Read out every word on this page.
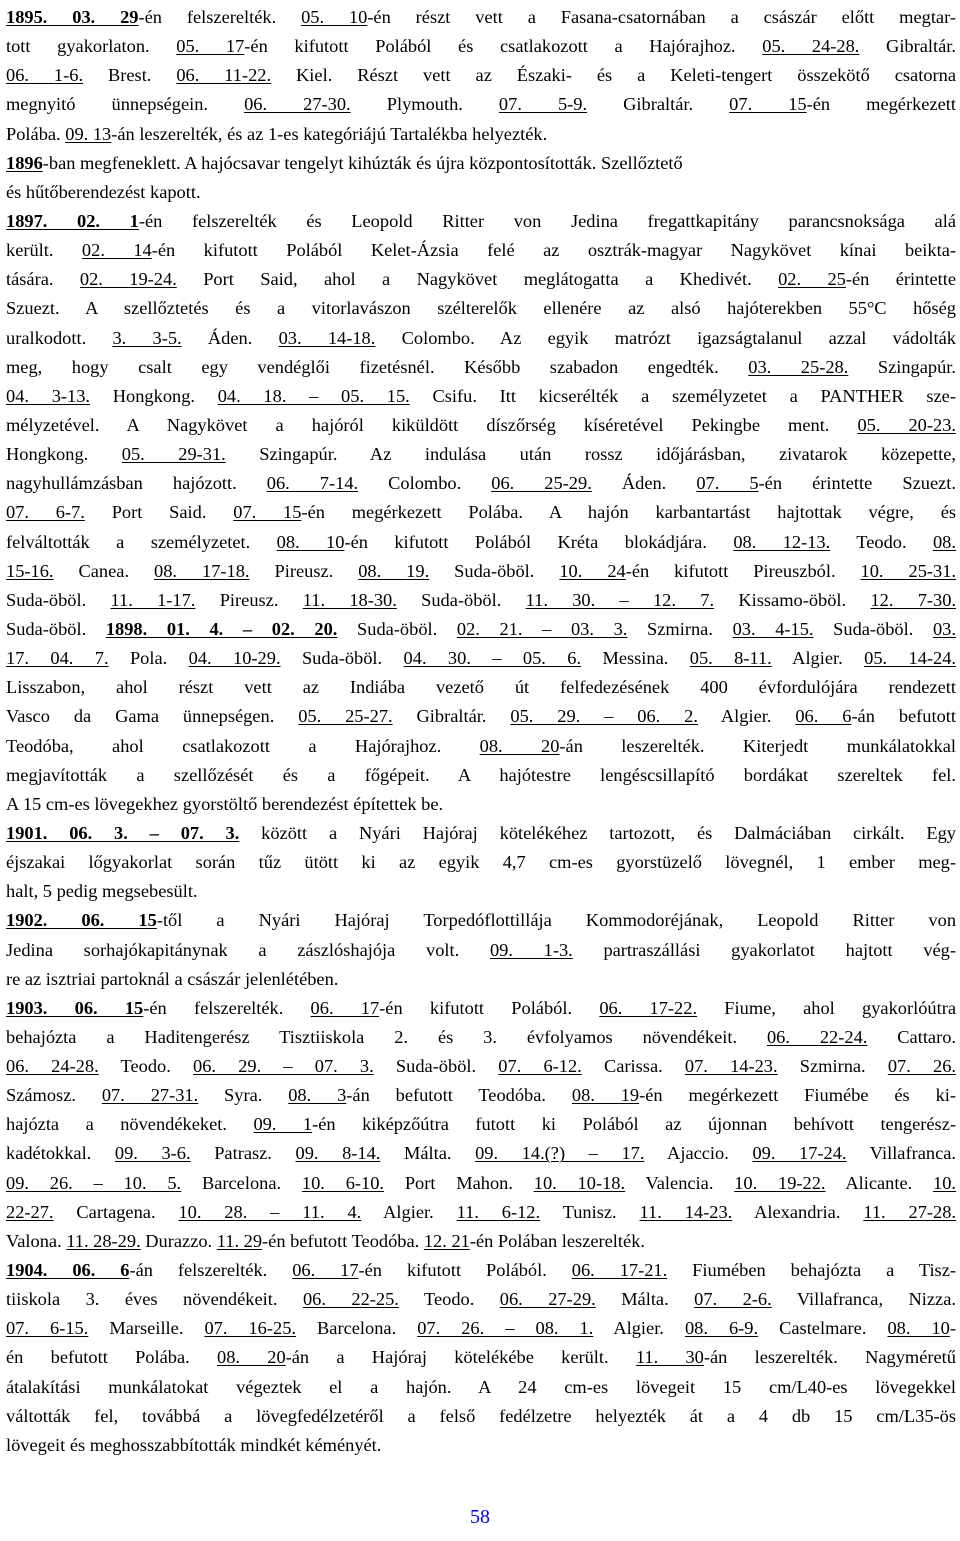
1895. 03. 29-én felszerelték. 05. 10-én részt vett a Fasana-csatornában a császár előtt megtar-
tott gyakorlaton. 05. 17-én kifutott Polából és csatlakozott a Hajórajhoz. 05. 24-28. Gibraltár.
06. 1-6. Brest. 06. 11-22. Kiel. Részt vett az Északi- és a Keleti-tengert összekötő csatorna
megnyitó ünnepségein. 06. 27-30. Plymouth. 07. 5-9. Gibraltár. 07. 15-én megérkezett
Polába. 09. 13-án leszerelték, és az 1-es kategóriájú Tartalékba helyezték.
1896-ban megfeneklett. A hajócsavar tengelyt kihúzták és újra központosították. Szellőztető
és hűtőberendezést kapott.
1897. 02. 1-én felszerelték és Leopold Ritter von Jedina fregattkapitány parancsnoksága alá
került. 02. 14-én kifutott Polából Kelet-Ázsia felé az osztrák-magyar Nagykövet kínai beikta-
tására. 02. 19-24. Port Said, ahol a Nagykövet meglátogatta a Khedivét. 02. 25-én érintette
Szuezt. A szellőztetés és a vitorlavászon szélterelők ellenére az alsó hajóterekben 55°C hőség
uralkodott. 3. 3-5. Áden. 03. 14-18. Colombo. Az egyik matrózt igazságtalanul azzal vádolták
meg, hogy csalt egy vendéglői fizetésnél. Később szabadon engedték. 03. 25-28. Szingapúr.
04. 3-13. Hongkong. 04. 18. – 05. 15. Csifu. Itt kicserélték a személyzetet a PANTHER sze-
mélyzetével. A Nagykövet a hajóról kiküldött díszőrség kíséretével Pekingbe ment. 05. 20-23.
Hongkong. 05. 29-31. Szingapúr. Az indulása után rossz időjárásban, zivatarok közepette,
nagyhullámzásban hajózott. 06. 7-14. Colombo. 06. 25-29. Áden. 07. 5-én érintette Szuezt.
07. 6-7. Port Said. 07. 15-én megérkezett Polába. A hajón karbantartást hajtottak végre, és
felváltották a személyzetet. 08. 10-én kifutott Polából Kréta blokádjára. 08. 12-13. Teodo. 08.
15-16. Canea. 08. 17-18. Pireusz. 08. 19. Suda-öböl. 10. 24-én kifutott Pireuszból. 10. 25-31.
Suda-öböl. 11. 1-17. Pireusz. 11. 18-30. Suda-öböl. 11. 30. – 12. 7. Kissamo-öböl. 12. 7-30.
Suda-öböl. 1898. 01. 4. – 02. 20. Suda-öböl. 02. 21. – 03. 3. Szmirna. 03. 4-15. Suda-öböl. 03.
17. 04. 7. Pola. 04. 10-29. Suda-öböl. 04. 30. – 05. 6. Messina. 05. 8-11. Algier. 05. 14-24.
Lisszabon, ahol részt vett az Indiába vezető út felfedezésének 400 évfordulójára rendezett
Vasco da Gama ünnepségen. 05. 25-27. Gibraltár. 05. 29. – 06. 2. Algier. 06. 6-án befutott
Teodóba, ahol csatlakozott a Hajórajhoz. 08. 20-án leszerelték. Kiterjedt munkálatokkal
megjavították a szellőzését és a főgépeit. A hajótestre lengéscsillapító bordákat szereltek fel.
A 15 cm-es lövegekhez gyorstöltő berendezést építettek be.
1901. 06. 3. – 07. 3. között a Nyári Hajóraj kötelékéhez tartozott, és Dalmáciában cirkált. Egy
éjszakai lőgyakorlat során tűz ütött ki az egyik 4,7 cm-es gyorstüzelő lövegnél, 1 ember meg-
halt, 5 pedig megsebesült.
1902. 06. 15-től a Nyári Hajóraj Torpedóflottillája Kommodoréjának, Leopold Ritter von
Jedina sorhajókapitánynak a zászlóshajója volt. 09. 1-3. partraszállási gyakorlatot hajtott vég-
re az isztriai partoknál a császár jelenlétében.
1903. 06. 15-én felszerelték. 06. 17-én kifutott Polából. 06. 17-22. Fiume, ahol gyakorlóútra
behajózta a Haditengerész Tisztiiskola 2. és 3. évfolyamos növendékeit. 06. 22-24. Cattaro.
06. 24-28. Teodo. 06. 29. – 07. 3. Suda-öböl. 07. 6-12. Carissa. 07. 14-23. Szmirna. 07. 26.
Számosz. 07. 27-31. Syra. 08. 3-án befutott Teodóba. 08. 19-én megérkezett Fiumébe és ki-
hajózta a növendékeket. 09. 1-én kiképzőútra futott ki Polából az újonnan behívott tengerész-
kadétokkal. 09. 3-6. Patrasz. 09. 8-14. Málta. 09. 14.(?) – 17. Ajaccio. 09. 17-24. Villafranca.
09. 26. – 10. 5. Barcelona. 10. 6-10. Port Mahon. 10. 10-18. Valencia. 10. 19-22. Alicante. 10.
22-27. Cartagena. 10. 28. – 11. 4. Algier. 11. 6-12. Tunisz. 11. 14-23. Alexandria. 11. 27-28.
Valona. 11. 28-29. Durazzo. 11. 29-én befutott Teodóba. 12. 21-én Polában leszerelték.
1904. 06. 6-án felszerelték. 06. 17-én kifutott Polából. 06. 17-21. Fiumében behajózta a Tisz-
tiiskola 3. éves növendékeit. 06. 22-25. Teodo. 06. 27-29. Málta. 07. 2-6. Villafranca, Nizza.
07. 6-15. Marseille. 07. 16-25. Barcelona. 07. 26. – 08. 1. Algier. 08. 6-9. Castelmare. 08. 10-
én befutott Polába. 08. 20-án a Hajóraj kötelékébe került. 11. 30-án leszerelték. Nagyméretű
átalakítási munkálatokat végeztek el a hajón. A 24 cm-es lövegeit 15 cm/L40-es lövegekkel
váltották fel, továbbá a lövegfedélzetéről a felső fedélzetre helyezték át a 4 db 15 cm/L35-ös
lövegeit és meghosszabbították mindkét kéményét.
58
